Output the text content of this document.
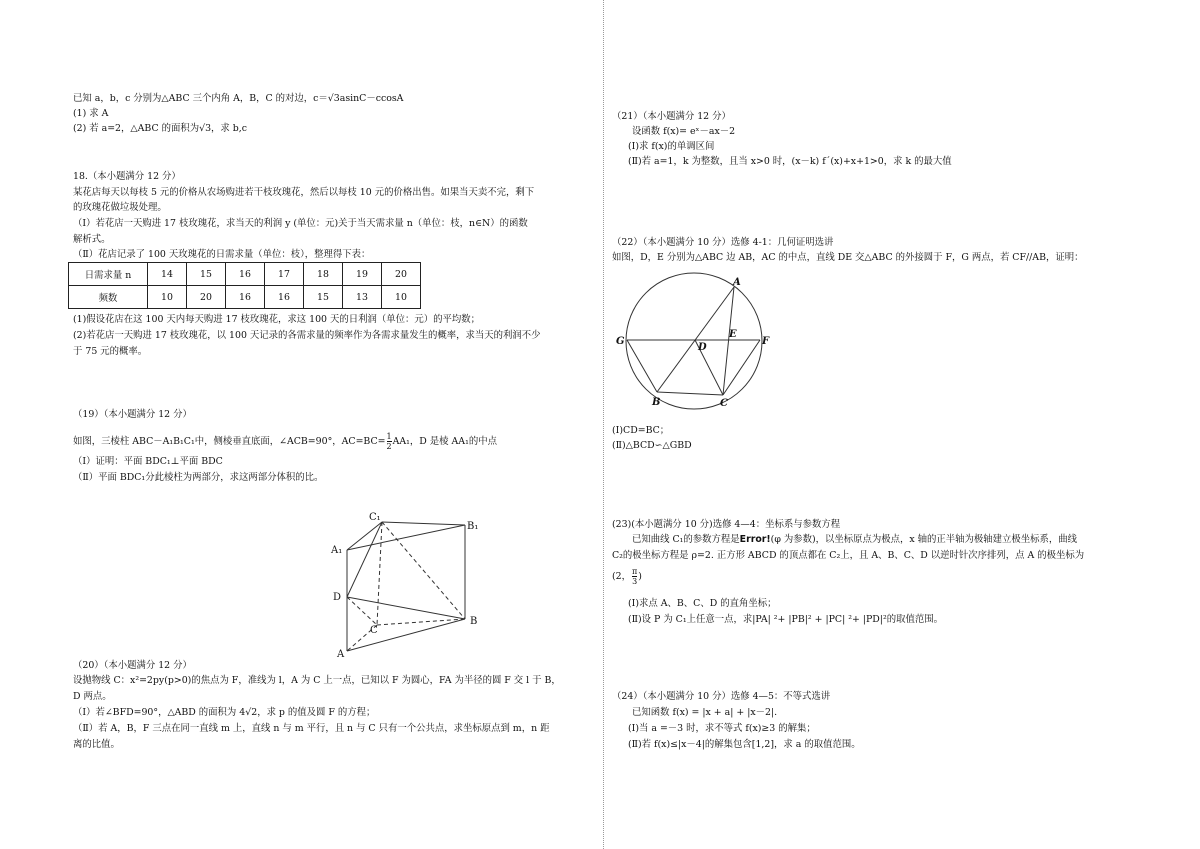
已知 a，b，c 分别为△ABC 三个内角 A，B，C 的对边，c＝√3asinC－ccosA
(1) 求 A
(2) 若 a=2，△ABC 的面积为√3，求 b,c
18.（本小题满分 12 分）
某花店每天以每枝 5 元的价格从农场购进若干枝玫瑰花，然后以每枝 10 元的价格出售。如果当天卖不完，剩下
的玫瑰花做垃圾处理。
（Ⅰ）若花店一天购进 17 枝玫瑰花，求当天的利润 y (单位：元)关于当天需求量 n（单位：枝，n∈N）的函数
解析式。
（Ⅱ）花店记录了 100 天玫瑰花的日需求量（单位：枝），整理得下表：
日需求量 n	14	15	16	17	18	19	20
频数	10	20	16	16	15	13	10
(1)假设花店在这 100 天内每天购进 17 枝玫瑰花，求这 100 天的日利润（单位：元）的平均数；
(2)若花店一天购进 17 枝玫瑰花，以 100 天记录的各需求量的频率作为各需求量发生的概率，求当天的利润不少
于 75 元的概率。
（19）（本小题满分 12 分）
如图，三棱柱 ABC－A₁B₁C₁中，侧棱垂直底面，∠ACB=90°，$AC=BC= \frac{1}{2} AA_1$，D 是棱 AA₁的中点
（Ⅰ）证明：平面 BDC₁⊥平面 BDC
（Ⅱ）平面 BDC₁分此棱柱为两部分，求这两部分体积的比。
C₁
B₁
A₁
D
C
B
A
（20）（本小题满分 12 分）
设抛物线 C：x²=2py(p>0)的焦点为 F，准线为 l，A 为 C 上一点，已知以 F 为圆心，FA 为半径的圆 F 交 l 于 B，
D 两点。
（Ⅰ）若∠BFD=90°，△ABD 的面积为 4√2，求 p 的值及圆 F 的方程；
（Ⅱ）若 A，B，F 三点在同一直线 m 上，直线 n 与 m 平行，且 n 与 C 只有一个公共点，求坐标原点到 m，n 距
离的比值。
（21）（本小题满分 12 分）
设函数 f(x)= eˣ－ax－2
(Ⅰ)求 f(x)的单调区间
(Ⅱ)若 a=1，k 为整数，且当 x>0 时，(x－k) f´(x)+x+1>0，求 k 的最大值
（22）（本小题满分 10 分）选修 4-1：几何证明选讲
如图，D，E 分别为△ABC 边 AB，AC 的中点，直线 DE 交△ABC 的外接圆于 F，G 两点，若 CF//AB，证明：
A
E
G
D
F
B	C
(Ⅰ)CD=BC；
(Ⅱ)△BCD∽△GBD
(23)(本小题满分 10 分)选修 4—4：坐标系与参数方程
已知曲线 C₁的参数方程是Error!(φ 为参数)，以坐标原点为极点，x 轴的正半轴为极轴建立极坐标系，曲线
C₂的极坐标方程是 ρ=2. 正方形 ABCD 的顶点都在 C₂上，且 A、B、C、D 以逆时针次序排列，点 A 的极坐标为
(2， $\frac{\pi}{3}$ )
(Ⅰ)求点 A、B、C、D 的直角坐标；
(Ⅱ)设 P 为 C₁上任意一点，求|PA| ²+ |PB|² + |PC| ²+ |PD|²的取值范围。
（24）（本小题满分 10 分）选修 4—5：不等式选讲
已知函数 f(x) = |x + a| + |x－2|.
(Ⅰ)当 a =－3 时，求不等式 f(x)≥3 的解集；
(Ⅱ)若 f(x)≤|x－4|的解集包含[1,2]，求 a 的取值范围。
